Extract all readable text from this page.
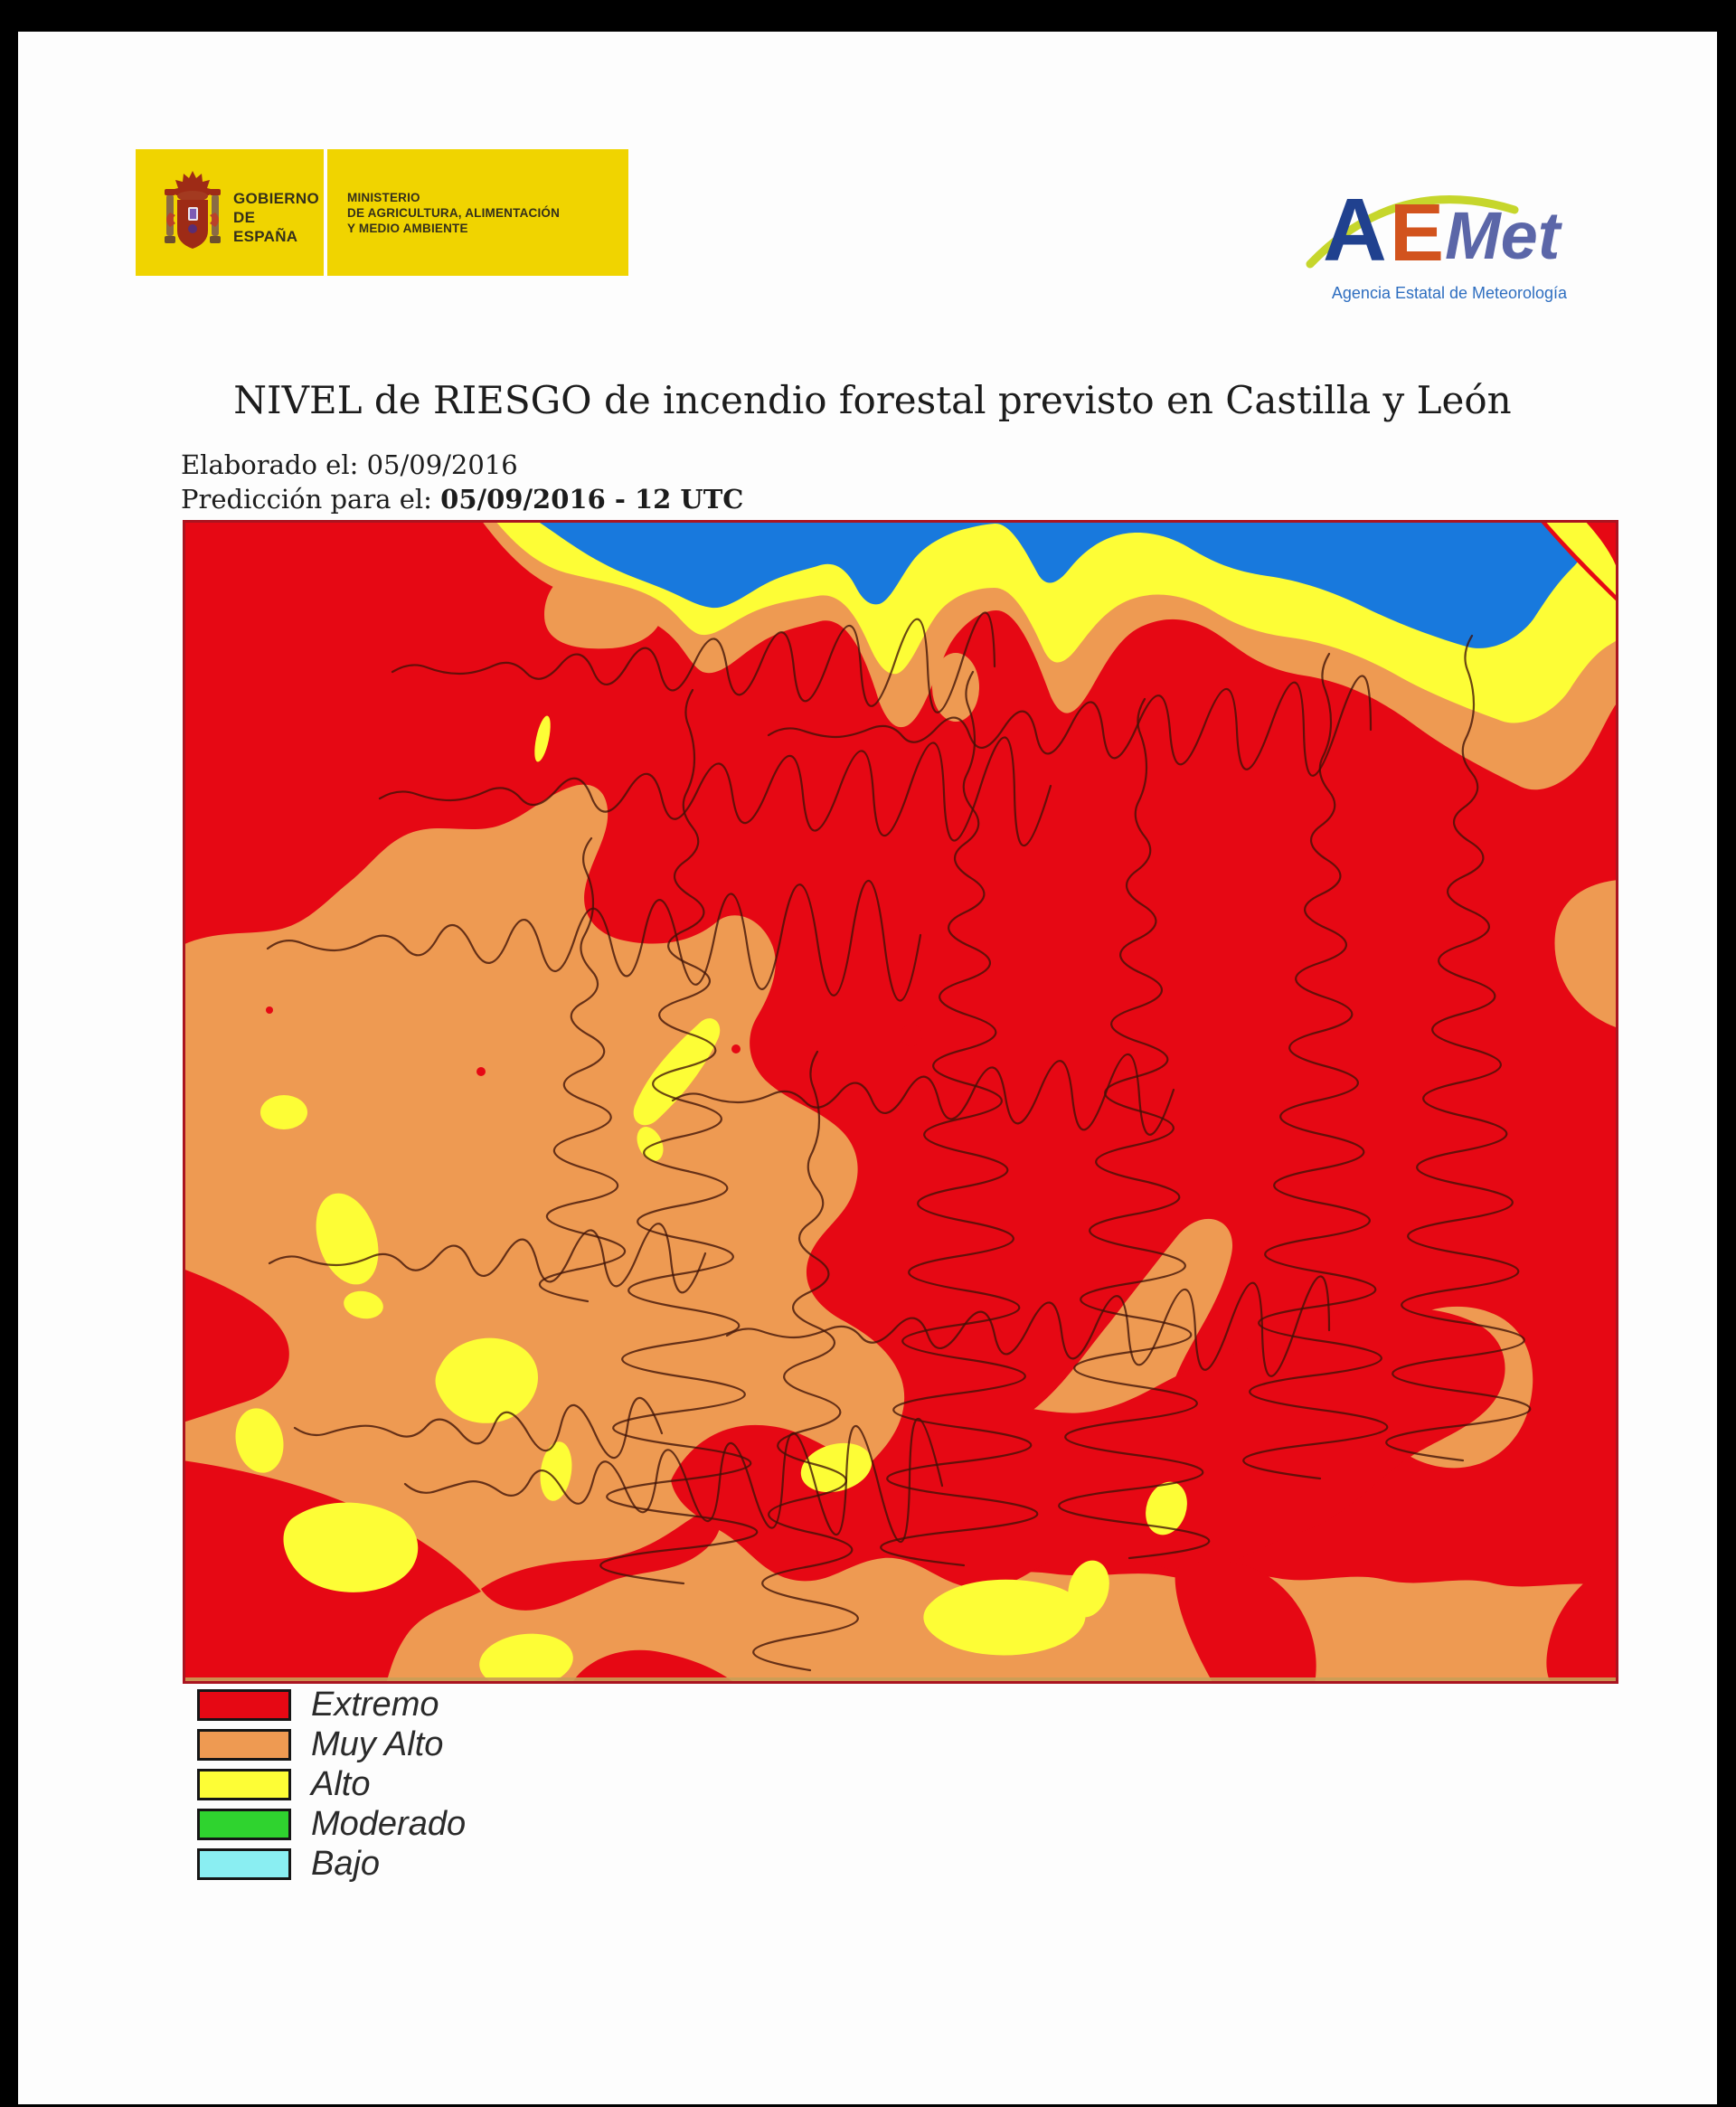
GOBIERNO
DE ESPAÑA
MINISTERIO
DE AGRICULTURA, ALIMENTACIÓN
Y MEDIO AMBIENTE	A E Met
Agencia Estatal de Meteorología
NIVEL de RIESGO de incendio forestal previsto en Castilla y León
Elaborado el: 05/09/2016
Predicción para el: 05/09/2016 - 12 UTC
Extremo
Muy Alto
Alto
Moderado
Bajo
